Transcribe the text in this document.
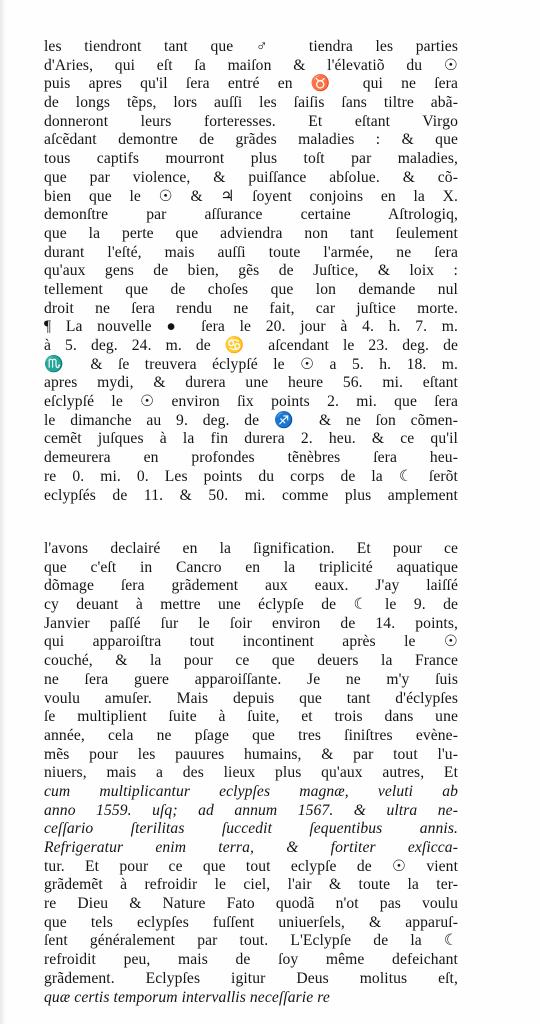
les tiendront tant que ♂ tiendra les parties
d'Aries, qui eſt ſa maiſon & l'élevatiõ du ☉
puis apres qu'il ſera entré en ♉ qui ne ſera
de longs tẽps, lors auſſi les ſaiſis ſans tiltre abã-
donneront leurs forteresses. Et eſtant Virgo
aſcẽdant demontre de grãdes maladies : & que
tous captifs mourront plus toſt par maladies,
que par violence, & puiſſance abſolue. & cõ-
bien que le ☉ & ♃ ſoyent conjoins en la X.
demonſtre par aſſurance certaine Aſtrologiq,
que la perte que adviendra non tant ſeulement
durant l'eſté, mais auſſi toute l'armée, ne ſera
qu'aux gens de bien, gẽs de Juſtice, & loix :
tellement que de choſes que lon demande nul
droit ne ſera rendu ne fait, car juſtice morte.
¶ La nouvelle ● ſera le 20. jour à 4. h. 7. m.
à 5. deg. 24. m. de ♋ aſcendant le 23. deg. de
♏ & ſe treuvera éclypſé le ☉ a 5. h. 18. m.
apres mydi, & durera une heure 56. mi. eſtant
eſclypſé le ☉ environ ſix points 2. mi. que ſera
le dimanche au 9. deg. de ♐ & ne ſon cõmen-
cemẽt juſques à la fin durera 2. heu. & ce qu'il
demeurera en profondes tẽnèbres ſera heu-
re 0. mi. 0. Les points du corps de la ☾ ſerõt
eclypſés de 11. & 50. mi. comme plus amplement
l'avons declairé en la ſignification. Et pour ce
que c'eſt in Cancro en la triplicité aquatique
dõmage ſera grãdement aux eaux. J'ay laiſſé
cy deuant à mettre une éclypſe de ☾ le 9. de
Janvier paſſé ſur le ſoir environ de 14. points,
qui apparoiſtra tout incontinent après le ☉
couché, & la pour ce que deuers la France
ne ſera guere apparoiſſante. Je ne m'y ſuis
voulu amuſer. Mais depuis que tant d'éclypſes
ſe multiplient ſuite à ſuite, et trois dans une
année, cela ne pſage que tres ſiniſtres evène-
mẽs pour les pauures humains, & par tout l'u-
niuers, mais a des lieux plus qu'aux autres, Et
cum multiplicantur eclypſes magnæ, veluti ab
anno 1559. uſq; ad annum 1567. & ultra ne-
ceſſario ſterilitas ſuccedit ſequentibus annis.
Refrigeratur enim terra, & fortiter exſicca-
tur. Et pour ce que tout eclypſe de ☉ vient
grãdemẽt à refroidir le ciel, l'air & toute la ter-
re Dieu & Nature Fato quodã n'ot pas voulu
que tels eclypſes fuſſent uniuerſels, & apparuſ-
ſent généralement par tout. L'Eclypſe de la ☾
refroidit peu, mais de ſoy même defeichant
grãdement. Eclypſes igitur Deus molitus eſt,
quæ certis temporum intervallis neceſſarie re
